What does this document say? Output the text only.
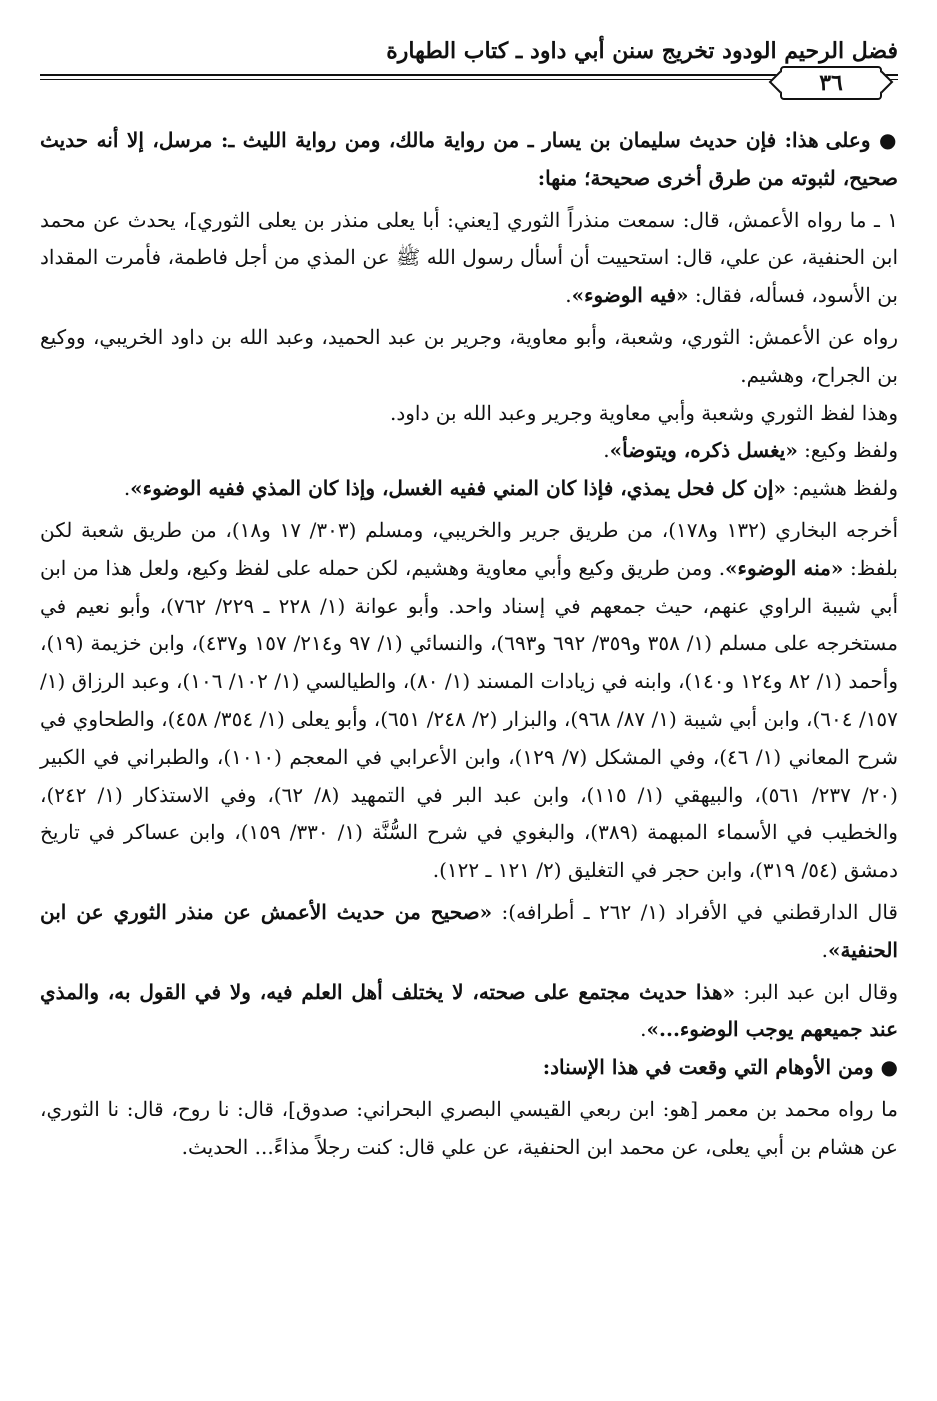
فضل الرحيم الودود تخريج سنن أبي داود ـ كتاب الطهارة
٣٦

● وعلى هذا: فإن حديث سليمان بن يسار ـ من رواية مالك، ومن رواية الليث ـ: مرسل، إلا أنه حديث صحيح، لثبوته من طرق أخرى صحيحة؛ منها:

١ ـ ما رواه الأعمش، قال: سمعت منذراً الثوري [يعني: أبا يعلى منذر بن يعلى الثوري]، يحدث عن محمد ابن الحنفية، عن علي، قال: استحييت أن أسأل رسول الله ﷺ عن المذي من أجل فاطمة، فأمرت المقداد بن الأسود، فسأله، فقال: «فيه الوضوء».

رواه عن الأعمش: الثوري، وشعبة، وأبو معاوية، وجرير بن عبد الحميد، وعبد الله بن داود الخريبي، ووكيع بن الجراح، وهشيم.

وهذا لفظ الثوري وشعبة وأبي معاوية وجرير وعبد الله بن داود.

ولفظ وكيع: «يغسل ذكره، ويتوضأ».

ولفظ هشيم: «إن كل فحل يمذي، فإذا كان المني ففيه الغسل، وإذا كان المذي ففيه الوضوء».

أخرجه البخاري (١٣٢ و١٧٨)، من طريق جرير والخريبي، ومسلم (٣٠٣/ ١٧ و١٨)، من طريق شعبة لكن بلفظ: «منه الوضوء». ومن طريق وكيع وأبي معاوية وهشيم، لكن حمله على لفظ وكيع، ولعل هذا من ابن أبي شيبة الراوي عنهم، حيث جمعهم في إسناد واحد. وأبو عوانة (١/ ٢٢٨ ـ ٢٢٩/ ٧٦٢)، وأبو نعيم في مستخرجه على مسلم (١/ ٣٥٨ و٣٥٩/ ٦٩٢ و٦٩٣)، والنسائي (١/ ٩٧ و٢١٤/ ١٥٧ و٤٣٧)، وابن خزيمة (١٩)، وأحمد (١/ ٨٢ و١٢٤ و١٤٠)، وابنه في زيادات المسند (١/ ٨٠)، والطيالسي (١/ ١٠٢/ ١٠٦)، وعبد الرزاق (١/ ١٥٧/ ٦٠٤)، وابن أبي شيبة (١/ ٨٧/ ٩٦٨)، والبزار (٢/ ٢٤٨/ ٦٥١)، وأبو يعلى (١/ ٣٥٤/ ٤٥٨)، والطحاوي في شرح المعاني (١/ ٤٦)، وفي المشكل (٧/ ١٢٩)، وابن الأعرابي في المعجم (١٠١٠)، والطبراني في الكبير (٢٠/ ٢٣٧/ ٥٦١)، والبيهقي (١/ ١١٥)، وابن عبد البر في التمهيد (٨/ ٦٢)، وفي الاستذكار (١/ ٢٤٢)، والخطيب في الأسماء المبهمة (٣٨٩)، والبغوي في شرح السُّنَّة (١/ ٣٣٠/ ١٥٩)، وابن عساكر في تاريخ دمشق (٥٤/ ٣١٩)، وابن حجر في التغليق (٢/ ١٢١ ـ ١٢٢).

قال الدارقطني في الأفراد (١/ ٢٦٢ ـ أطرافه): «صحيح من حديث الأعمش عن منذر الثوري عن ابن الحنفية».

وقال ابن عبد البر: «هذا حديث مجتمع على صحته، لا يختلف أهل العلم فيه، ولا في القول به، والمذي عند جميعهم يوجب الوضوء...».

● ومن الأوهام التي وقعت في هذا الإسناد:

ما رواه محمد بن معمر [هو: ابن ربعي القيسي البصري البحراني: صدوق]، قال: نا روح، قال: نا الثوري، عن هشام بن أبي يعلى، عن محمد ابن الحنفية، عن علي قال: كنت رجلاً مذاءً... الحديث.
